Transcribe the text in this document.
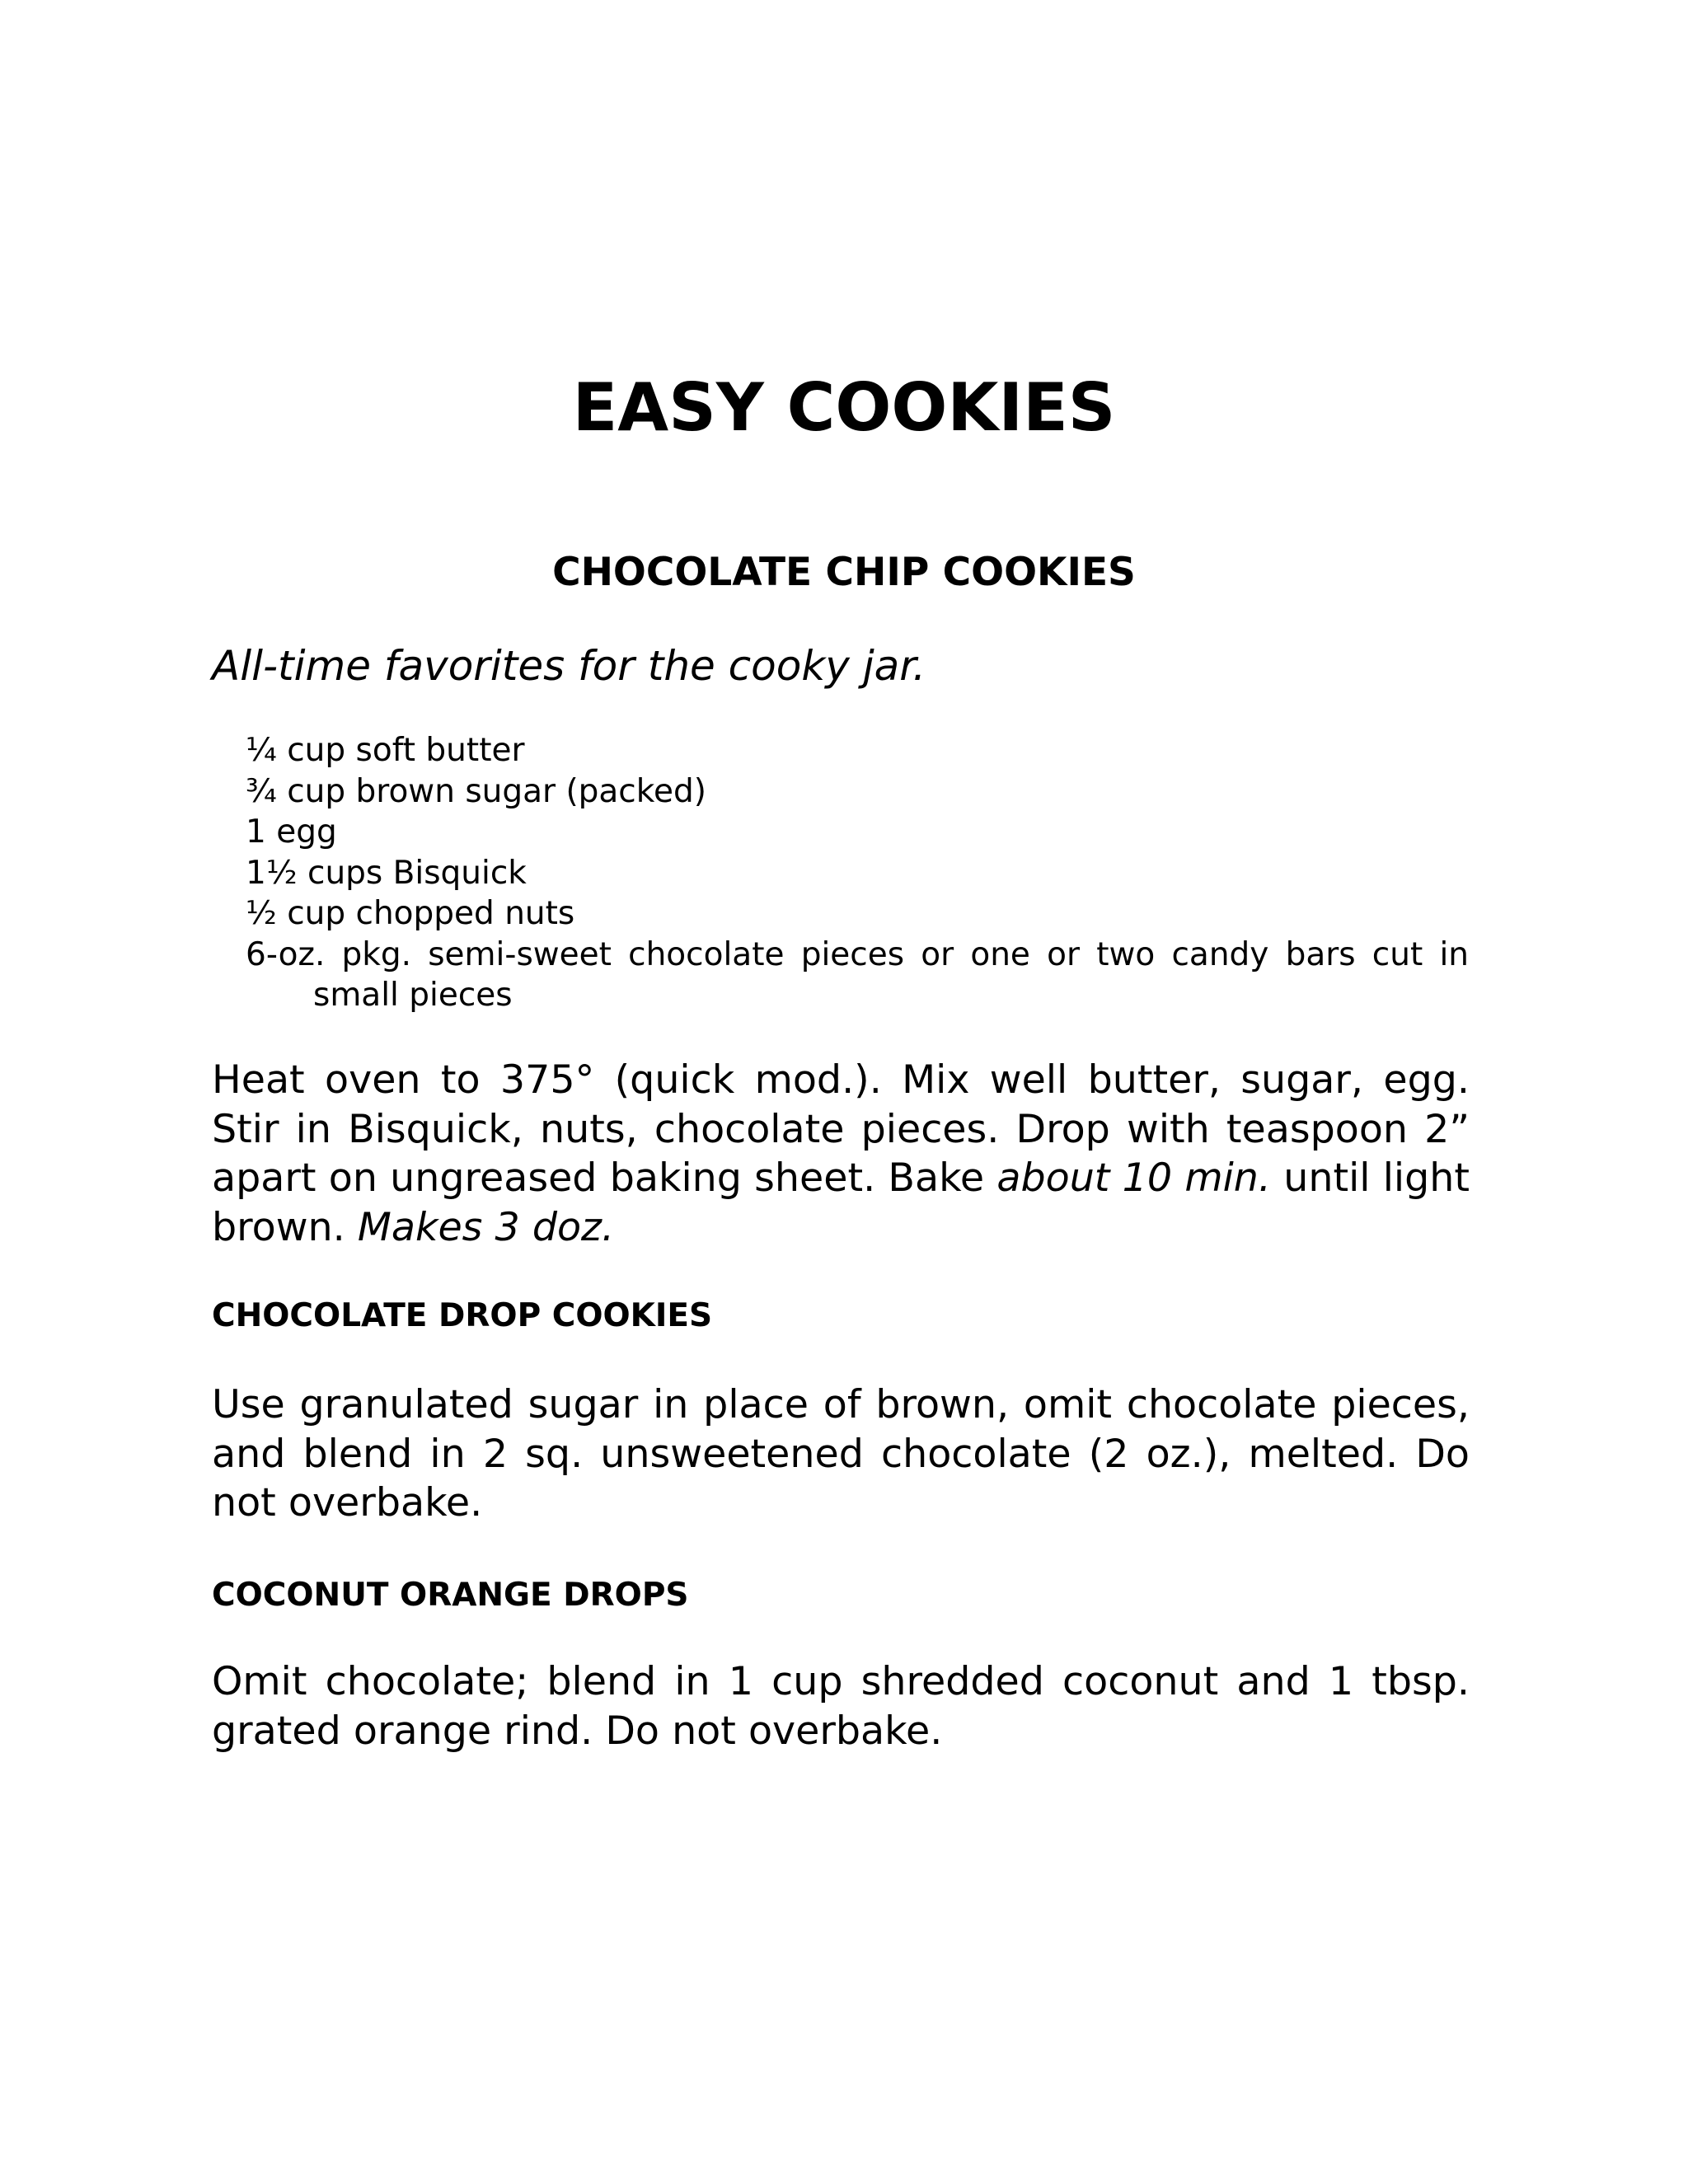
EASY COOKIES
CHOCOLATE CHIP COOKIES

All-time favorites for the cooky jar.

¼ cup soft butter
¾ cup brown sugar (packed)
1 egg
1½ cups Bisquick
½ cup chopped nuts
6-oz. pkg. semi-sweet chocolate pieces or one or two candy bars cut in small pieces

Heat oven to 375° (quick mod.). Mix well butter, sugar, egg. Stir in Bisquick, nuts, chocolate pieces. Drop with teaspoon 2” apart on ungreased baking sheet. Bake about 10 min. until light brown. Makes 3 doz.

CHOCOLATE DROP COOKIES

Use granulated sugar in place of brown, omit chocolate pieces, and blend in 2 sq. unsweetened chocolate (2 oz.), melted. Do not overbake.

COCONUT ORANGE DROPS

Omit chocolate; blend in 1 cup shredded coconut and 1 tbsp. grated orange rind. Do not overbake.
